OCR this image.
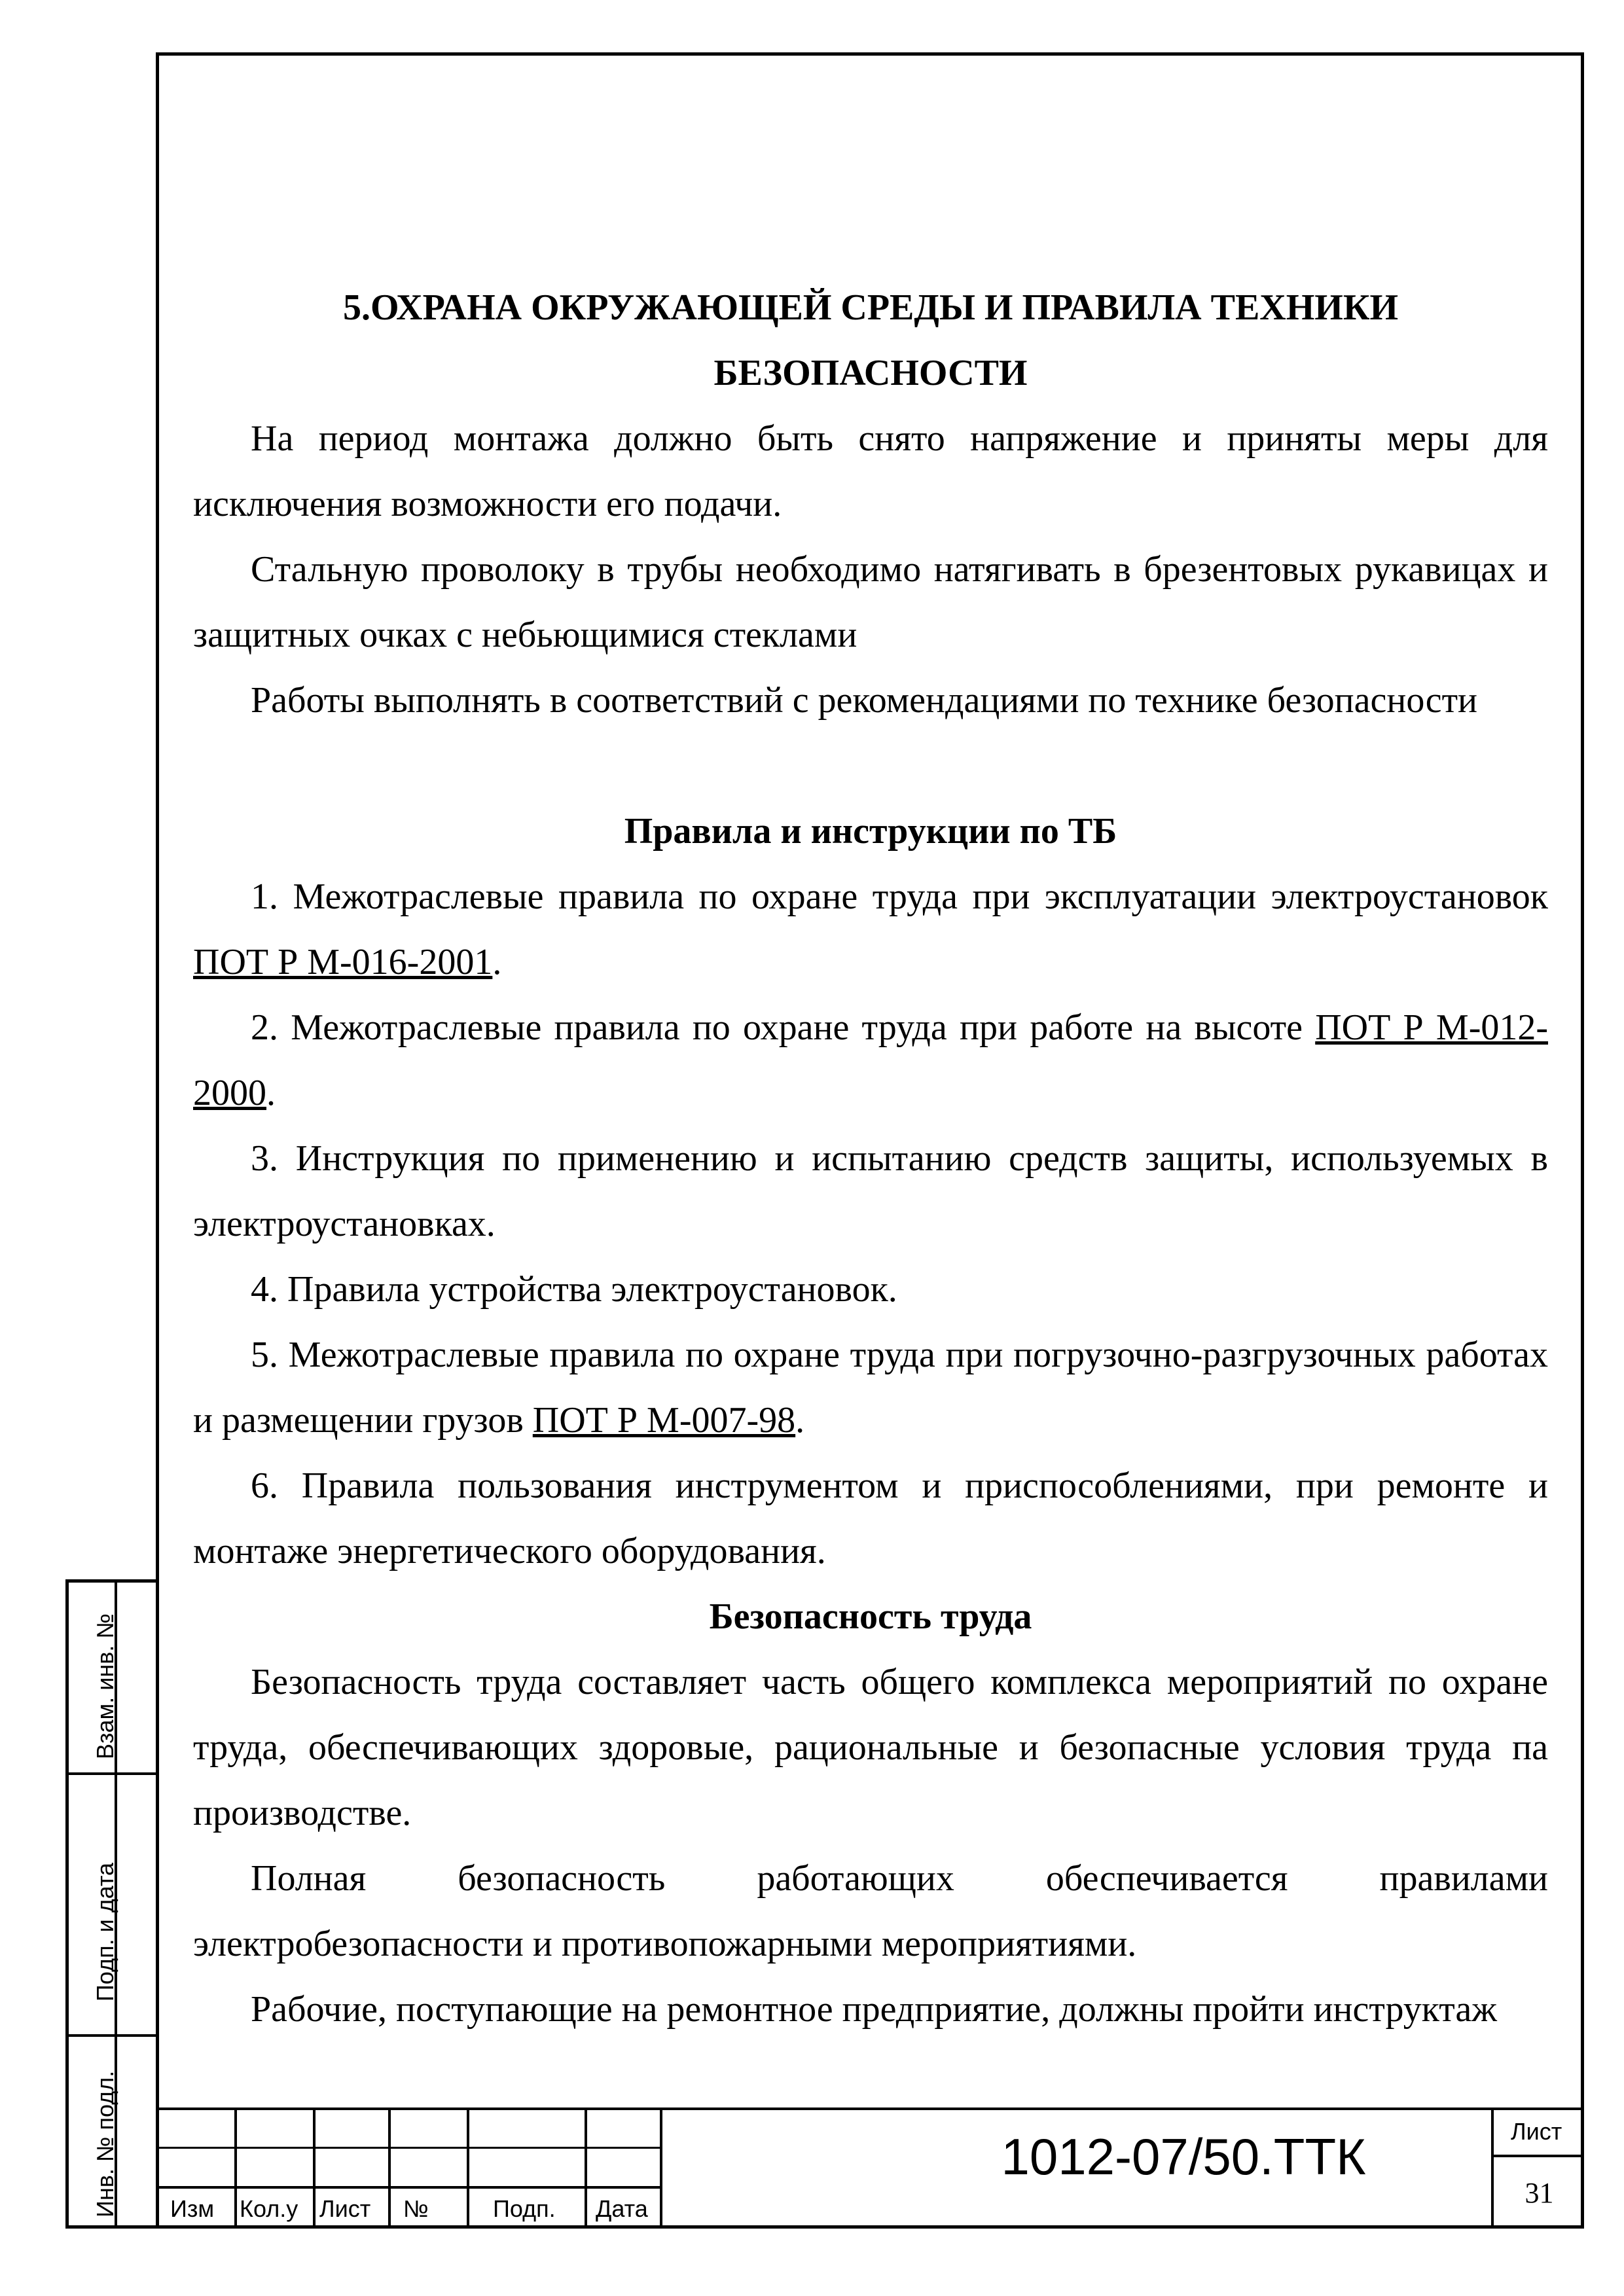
5.ОХРАНА ОКРУЖАЮЩЕЙ СРЕДЫ И ПРАВИЛА ТЕХНИКИ

БЕЗОПАСНОСТИ

На период монтажа должно быть снято напряжение и приняты меры для исключения возможности его подачи.

Стальную проволоку в трубы необходимо натягивать в брезентовых рукавицах и защитных очках с небьющимися стеклами

Работы выполнять в соответствий с рекомендациями по технике безопасности

Правила и инструкции по ТБ

1. Межотраслевые правила по охране труда при эксплуатации электроустановок ПОТ Р М-016-2001.

2. Межотраслевые правила по охране труда при работе на высоте ПОТ Р М-012-2000.

3. Инструкция по применению и испытанию средств защиты, используемых в электроустановках.

4. Правила устройства электроустановок.

5. Межотраслевые правила по охране труда при погрузочно-разгрузочных работах и размещении грузов ПОТ Р М-007-98.

6. Правила пользования инструментом и приспособлениями, при ремонте и монтаже энергетического оборудования.

Безопасность труда

Безопасность труда составляет часть общего комплекса мероприятий по охране труда, обеспечивающих здоровые, рациональные и безопасные условия труда па производстве.

Полная безопасность работающих обеспечивается правилами электробезопасности и противопожарными мероприятиями.

Рабочие, поступающие на ремонтное предприятие, должны пройти инструктаж

Взам. инв. №
Подп. и дата
Инв. № подл. Изм Кол.у Лист №	Подп. Дата
1012-07/50.ТТК	Лист
31
